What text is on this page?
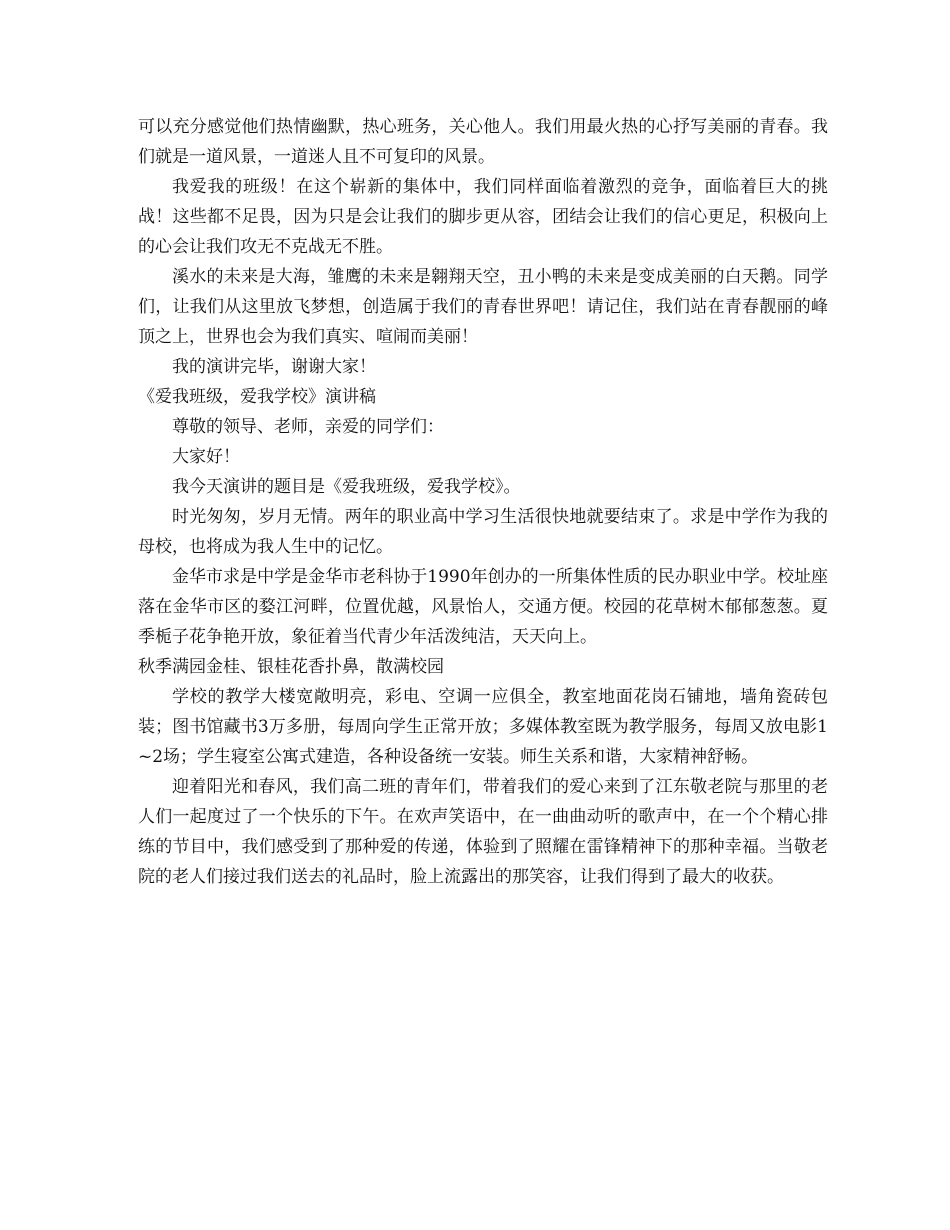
可以充分感觉他们热情幽默，热心班务，关心他人。我们用最火热的心抒写美丽的青春。我们就是一道风景，一道迷人且不可复印的风景。

我爱我的班级！在这个崭新的集体中，我们同样面临着激烈的竞争，面临着巨大的挑战！这些都不足畏，因为只是会让我们的脚步更从容，团结会让我们的信心更足，积极向上的心会让我们攻无不克战无不胜。

溪水的未来是大海，雏鹰的未来是翱翔天空，丑小鸭的未来是变成美丽的白天鹅。同学们，让我们从这里放飞梦想，创造属于我们的青春世界吧！请记住，我们站在青春靓丽的峰顶之上，世界也会为我们真实、喧闹而美丽！

我的演讲完毕，谢谢大家！

《爱我班级，爱我学校》演讲稿

尊敬的领导、老师，亲爱的同学们：

大家好！

我今天演讲的题目是《爱我班级，爱我学校》。

时光匆匆，岁月无情。两年的职业高中学习生活很快地就要结束了。求是中学作为我的母校，也将成为我人生中的记忆。

金华市求是中学是金华市老科协于1990年创办的一所集体性质的民办职业中学。校址座落在金华市区的婺江河畔，位置优越，风景怡人，交通方便。校园的花草树木郁郁葱葱。夏季栀子花争艳开放，象征着当代青少年活泼纯洁，天天向上。

秋季满园金桂、银桂花香扑鼻，散满校园

学校的教学大楼宽敞明亮，彩电、空调一应俱全，教室地面花岗石铺地，墙角瓷砖包装；图书馆藏书3万多册，每周向学生正常开放；多媒体教室既为教学服务，每周又放电影1~2场；学生寝室公寓式建造，各种设备统一安装。师生关系和谐，大家精神舒畅。

迎着阳光和春风，我们高二班的青年们，带着我们的爱心来到了江东敬老院与那里的老人们一起度过了一个快乐的下午。在欢声笑语中，在一曲曲动听的歌声中，在一个个精心排练的节目中，我们感受到了那种爱的传递，体验到了照耀在雷锋精神下的那种幸福。当敬老院的老人们接过我们送去的礼品时，脸上流露出的那笑容，让我们得到了最大的收获。
